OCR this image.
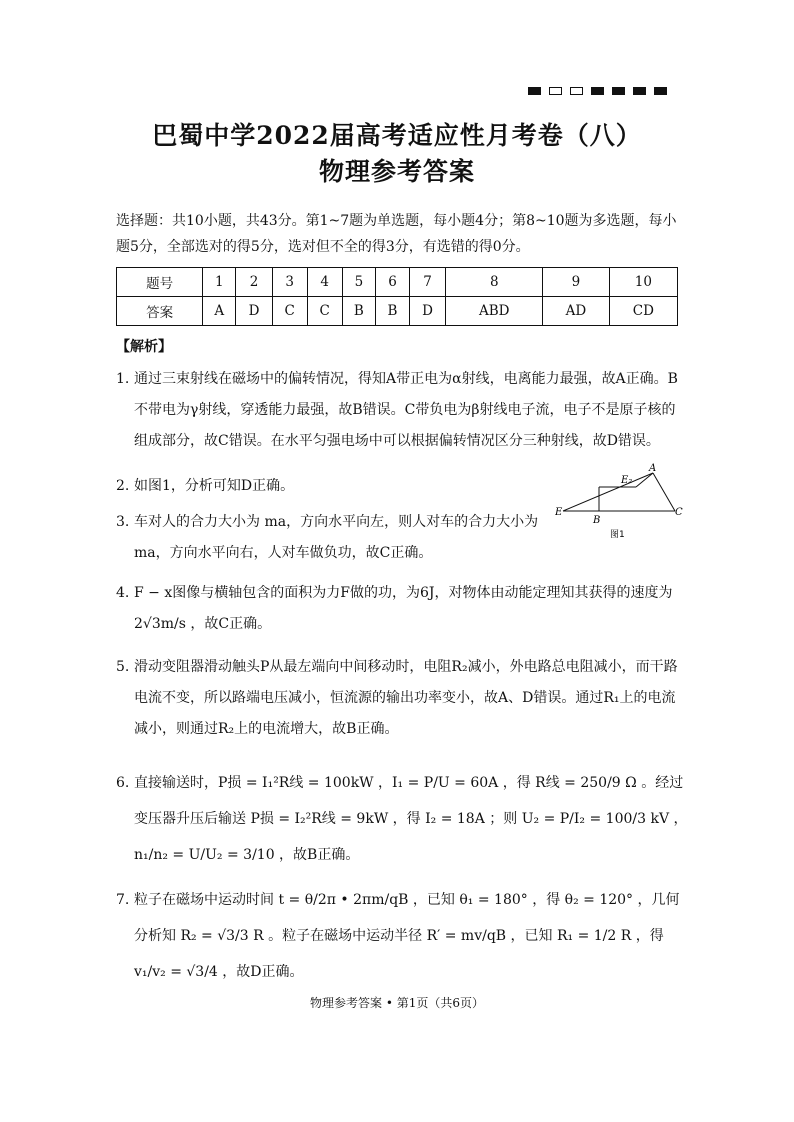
巴蜀中学2022届高考适应性月考卷（八）
物理参考答案
选择题：共10小题，共43分。第1~7题为单选题，每小题4分；第8~10题为多选题，每小题5分，全部选对的得5分，选对但不全的得3分，有选错的得0分。
题号	1	2	3	4	5	6	7	8	9	10
答案	A	D	C	C	B	B	D	ABD	AD	CD
【解析】
1. 通过三束射线在磁场中的偏转情况，得知A带正电为α射线，电离能力最强，故A正确。B不带电为γ射线，穿透能力最强，故B错误。C带负电为β射线电子流，电子不是原子核的组成部分，故C错误。在水平匀强电场中可以根据偏转情况区分三种射线，故D错误。
2. 如图1，分析可知D正确。
3. 车对人的合力大小为 ma，方向水平向左，则人对车的合力大小为 ma，方向水平向右，人对车做负功，故C正确。
A
E₂
E
B
C
图1
4. F − x图像与横轴包含的面积为力F做的功，为6J，对物体由动能定理知其获得的速度为 2√3m/s ，故C正确。
5. 滑动变阻器滑动触头P从最左端向中间移动时，电阻R₂减小，外电路总电阻减小，而干路电流不变，所以路端电压减小，恒流源的输出功率变小，故A、D错误。通过R₁上的电流减小，则通过R₂上的电流增大，故B正确。
6. 直接输送时，P损 = I₁²R线 = 100kW ，I₁ = P/U = 60A ，得 R线 = 250/9 Ω 。经过变压器升压后输送 P损 = I₂²R线 = 9kW ，得 I₂ = 18A ；则 U₂ = P/I₂ = 100/3 kV ，n₁/n₂ = U/U₂ = 3/10 ，故B正确。
7. 粒子在磁场中运动时间 t = θ/2π • 2πm/qB ，已知 θ₁ = 180° ，得 θ₂ = 120° ，几何分析知 R₂ = √3/3 R 。粒子在磁场中运动半径 R′ = mv/qB ，已知 R₁ = 1/2 R ，得 v₁/v₂ = √3/4 ，故D正确。
物理参考答案 • 第1页（共6页）
